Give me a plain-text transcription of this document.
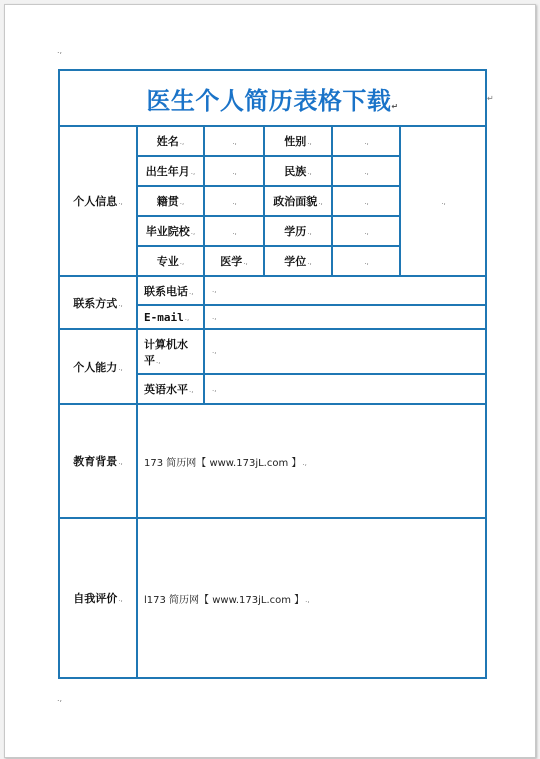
.,
.,
↵
医生个人简历表格下载↵					
个人信息.,	姓名.,	.,	性别.,	.,	.,
	出生年月.,	.,	民族.,	.,	
	籍贯.,	.,	政治面貌.,	.,	
	毕业院校.,	.,	学历.,	.,	
	专业.,	医学.,	学位.,	.,	
联系方式.,	联系电话.,	.,			
	E-mail.,	.,			
个人能力.,	计算机水平.,	.,			
	英语水平.,	.,			
教育背景.,	173 简历网【 www.173jL.com 】.,				
自我评价.,	l173 简历网【 www.173jL.com 】.,				
